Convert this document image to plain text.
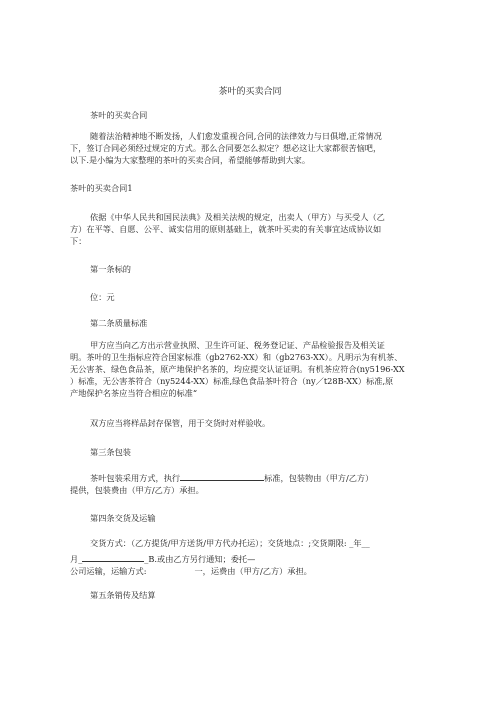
茶叶的买卖合同
茶叶的买卖合同
随着法治精神地不断发扬，人们愈发重视合同,合同的法律效力与日俱增,正常情况
下，签订合同必须经过规定的方式。那么合同要怎么拟定？想必这让大家都很苦恼吧，
以下.是小编为大家整理的茶叶的买卖合同，希望能够帮助到大家。
茶叶的买卖合同1
依据《中华人民共和国民法典》及相关法规的规定，出卖人（甲方）与买受人（乙
方）在平等、自愿、公平、诚实信用的原则基础上，就茶叶买卖的有关事宜达成协议如
下：
第一条标的
位：元
第二条质量标准
甲方应当向乙方出示营业执照、卫生许可证、税务登记证、产品检验报告及相关证
明。茶叶的卫生指标应符合国家标准（gb2762-XX）和（gb2763-XX）。凡明示为有机茶、
无公害茶、绿色食品茶，原产地保护名茶的，均应提交认证证明。有机茶应符合(ny5196-XX
）标准，无公害茶符合（ny5244-XX）标准,绿色食品茶叶符合（ny／t28B-XX）标准,原
产地保护名茶应当符合相应的标准“
双方应当将样品封存保管，用于交货时对样验收。
第三条包装
茶叶包装采用方式，执行	标准，包装物由（甲方/乙方）
提供，包装费由（甲方/乙方）承担。
第四条交货及运输
交货方式：（乙方提货/甲方送货/甲方代办托运）；交货地点：;交货期限: _年__
月_	_B.或由乙方另行通知；委托—
公司运输，运输方式:	一，运费由（甲方/乙方）承担。
第五条销传及结算
